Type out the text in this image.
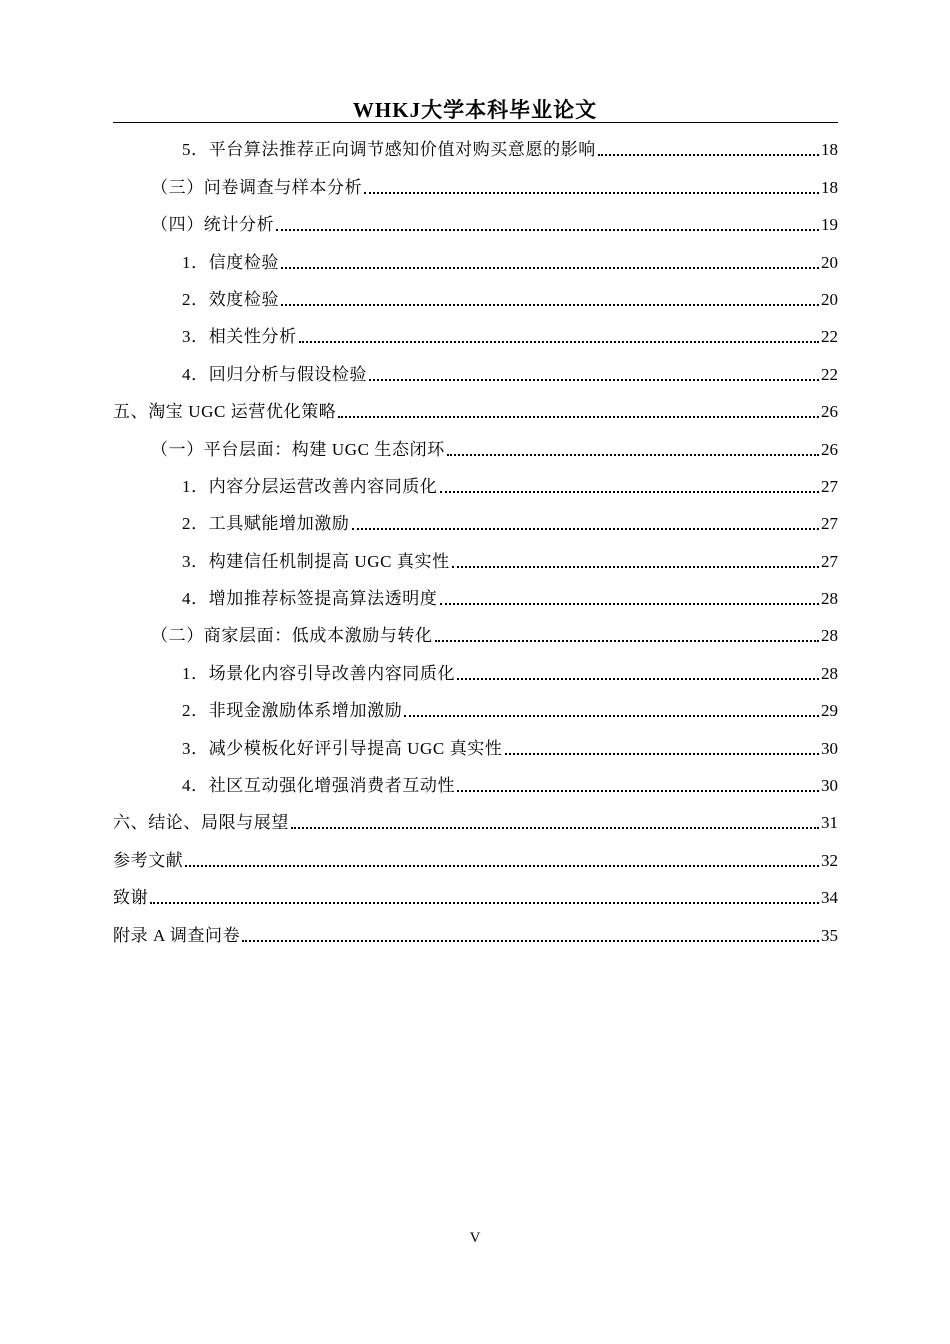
WHKJ大学本科毕业论文
5．平台算法推荐正向调节感知价值对购买意愿的影响	18
（三）问卷调查与样本分析	18
（四）统计分析	19
1．信度检验	20
2．效度检验	20
3．相关性分析	22
4．回归分析与假设检验	22
五、淘宝 UGC 运营优化策略	26
（一）平台层面：构建 UGC 生态闭环	26
1．内容分层运营改善内容同质化	27
2．工具赋能增加激励	27
3．构建信任机制提高 UGC 真实性	27
4．增加推荐标签提高算法透明度	28
（二）商家层面：低成本激励与转化	28
1．场景化内容引导改善内容同质化	28
2．非现金激励体系增加激励	29
3．减少模板化好评引导提高 UGC 真实性	30
4．社区互动强化增强消费者互动性	30
六、结论、局限与展望	31
参考文献	32
致谢	34
附录 A 调查问卷	35
V
